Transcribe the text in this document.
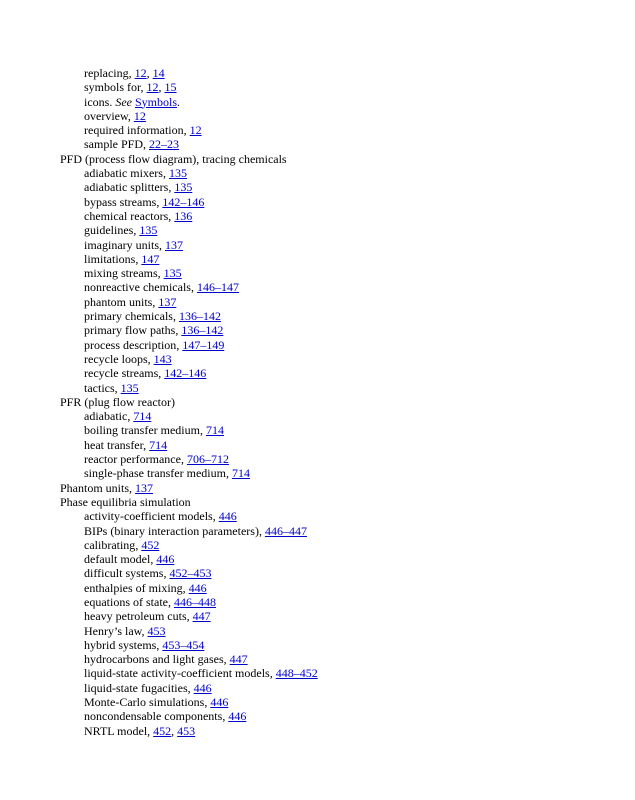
replacing, 12, 14
symbols for, 12, 15
icons. See Symbols.
overview, 12
required information, 12
sample PFD, 22–23
PFD (process flow diagram), tracing chemicals
adiabatic mixers, 135
adiabatic splitters, 135
bypass streams, 142–146
chemical reactors, 136
guidelines, 135
imaginary units, 137
limitations, 147
mixing streams, 135
nonreactive chemicals, 146–147
phantom units, 137
primary chemicals, 136–142
primary flow paths, 136–142
process description, 147–149
recycle loops, 143
recycle streams, 142–146
tactics, 135
PFR (plug flow reactor)
adiabatic, 714
boiling transfer medium, 714
heat transfer, 714
reactor performance, 706–712
single-phase transfer medium, 714
Phantom units, 137
Phase equilibria simulation
activity-coefficient models, 446
BIPs (binary interaction parameters), 446–447
calibrating, 452
default model, 446
difficult systems, 452–453
enthalpies of mixing, 446
equations of state, 446–448
heavy petroleum cuts, 447
Henry’s law, 453
hybrid systems, 453–454
hydrocarbons and light gases, 447
liquid-state activity-coefficient models, 448–452
liquid-state fugacities, 446
Monte-Carlo simulations, 446
noncondensable components, 446
NRTL model, 452, 453
